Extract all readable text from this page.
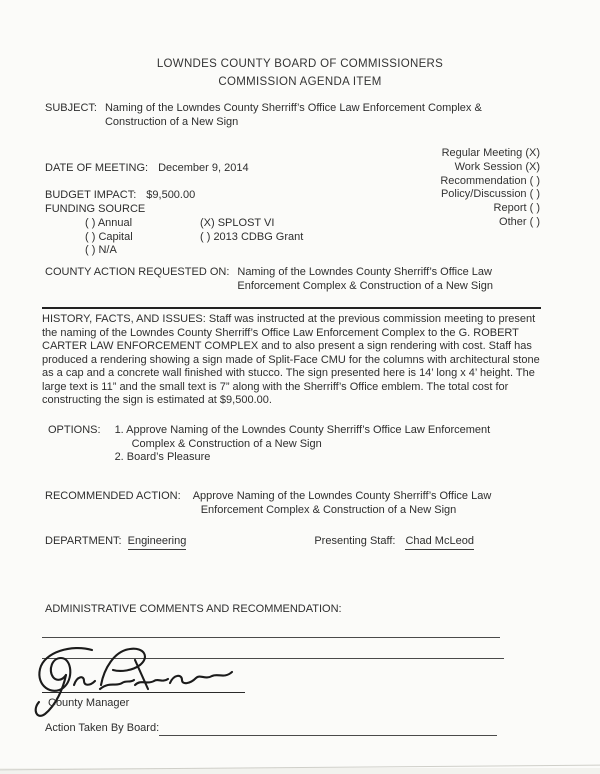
LOWNDES COUNTY BOARD OF COMMISSIONERS
COMMISSION AGENDA ITEM
SUBJECT: Naming of the Lowndes County Sherriff’s Office Law Enforcement Complex &
Construction of a New Sign
Regular Meeting (X)
Work Session (X)
Recommendation ( )
Policy/Discussion ( )
Report ( )
Other ( )
DATE OF MEETING: December 9, 2014
BUDGET IMPACT: $9,500.00
FUNDING SOURCE
( ) Annual	(X) SPLOST VI
( ) Capital	( ) 2013 CDBG Grant
( ) N/A
COUNTY ACTION REQUESTED ON: Naming of the Lowndes County Sherriff’s Office Law
Enforcement Complex & Construction of a New Sign
HISTORY, FACTS, AND ISSUES: Staff was instructed at the previous commission meeting to present the naming of the Lowndes County Sherriff’s Office Law Enforcement Complex to the G. ROBERT CARTER LAW ENFORCEMENT COMPLEX and to also present a sign rendering with cost. Staff has produced a rendering showing a sign made of Split-Face CMU for the columns with architectural stone as a cap and a concrete wall finished with stucco. The sign presented here is 14’ long x 4’ height. The large text is 11” and the small text is 7” along with the Sherriff’s Office emblem. The total cost for constructing the sign is estimated at $9,500.00.
OPTIONS: 1. Approve Naming of the Lowndes County Sherriff’s Office Law Enforcement
Complex & Construction of a New Sign
2. Board’s Pleasure
RECOMMENDED ACTION: Approve Naming of the Lowndes County Sherriff’s Office Law
Enforcement Complex & Construction of a New Sign
DEPARTMENT: Engineering	Presenting Staff: Chad McLeod
ADMINISTRATIVE COMMENTS AND RECOMMENDATION:
County Manager
Action Taken By Board:
